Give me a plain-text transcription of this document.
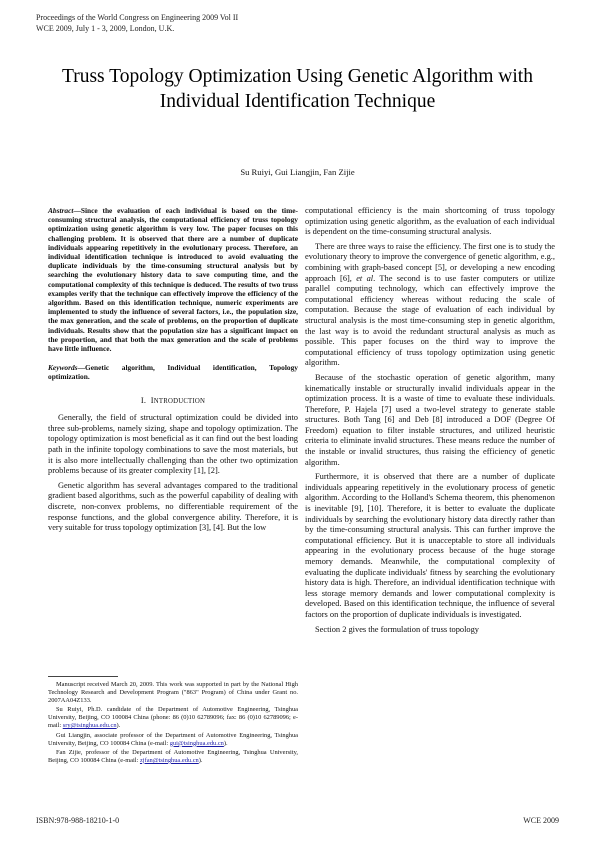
Proceedings of the World Congress on Engineering 2009 Vol II
WCE 2009, July 1 - 3, 2009, London, U.K.
Truss Topology Optimization Using Genetic Algorithm with Individual Identification Technique
Su Ruiyi, Gui Liangjin, Fan Zijie
Abstract—Since the evaluation of each individual is based on the time-consuming structural analysis, the computational efficiency of truss topology optimization using genetic algorithm is very low. The paper focuses on this challenging problem. It is observed that there are a number of duplicate individuals appearing repetitively in the evolutionary process. Therefore, an individual identification technique is introduced to avoid evaluating the duplicate individuals by the time-consuming structural analysis but by searching the evolutionary history data to save computing time, and the computational complexity of this technique is deduced. The results of two truss examples verify that the technique can effectively improve the efficiency of the algorithm. Based on this identification technique, numeric experiments are implemented to study the influence of several factors, i.e., the population size, the max generation, and the scale of problems, on the proportion of duplicate individuals. Results show that the population size has a significant impact on the proportion, and that both the max generation and the scale of problems have little influence.
Keywords—Genetic algorithm, Individual identification, Topology optimization.
I. INTRODUCTION

Generally, the field of structural optimization could be divided into three sub-problems, namely sizing, shape and topology optimization. The topology optimization is most beneficial as it can find out the best loading path in the infinite topology combinations to save the most materials, but it is also more intellectually challenging than the other two optimization problems because of its greater complexity [1], [2].

Genetic algorithm has several advantages compared to the traditional gradient based algorithms, such as the powerful capability of dealing with discrete, non-convex problems, no differentiable requirement of the response functions, and the global convergence ability. Therefore, it is very suitable for truss topology optimization [3], [4]. But the low

Manuscript received March 20, 2009. This work was supported in part by the National High Technology Research and Development Program ("863" Program) of China under Grant no. 2007AA04Z133.

Su Ruiyi, Ph.D. candidate of the Department of Automotive Engineering, Tsinghua University, Beijing, CO 100084 China (phone: 86 (0)10 62789096; fax: 86 (0)10 62789096; e-mail: sry@tsinghua.edu.cn).

Gui Liangjin, associate professor of the Department of Automotive Engineering, Tsinghua University, Beijing, CO 100084 China (e-mail: gui@tsinghua.edu.cn).

Fan Zijie, professor of the Department of Automotive Engineering, Tsinghua University, Beijing, CO 100084 China (e-mail: zjfan@tsinghua.edu.cn).

computational efficiency is the main shortcoming of truss topology optimization using genetic algorithm, as the evaluation of each individual is dependent on the time-consuming structural analysis.

There are three ways to raise the efficiency. The first one is to study the evolutionary theory to improve the convergence of genetic algorithm, e.g., combining with graph-based concept [5], or developing a new encoding approach [6], et al. The second is to use faster computers or utilize parallel computing technology, which can effectively improve the computational efficiency whereas without reducing the scale of computation. Because the stage of evaluation of each individual by structural analysis is the most time-consuming step in genetic algorithm, the last way is to avoid the redundant structural analysis as much as possible. This paper focuses on the third way to improve the computational efficiency of truss topology optimization using genetic algorithm.

Because of the stochastic operation of genetic algorithm, many kinematically instable or structurally invalid individuals appear in the optimization process. It is a waste of time to evaluate these individuals. Therefore, P. Hajela [7] used a two-level strategy to generate stable structures. Both Tang [6] and Deb [8] introduced a DOF (Degree Of Freedom) equation to filter instable structures, and utilized heuristic criteria to eliminate invalid structures. These means reduce the number of the instable or invalid structures, thus raising the efficiency of genetic algorithm.

Furthermore, it is observed that there are a number of duplicate individuals appearing repetitively in the evolutionary process of genetic algorithm. According to the Holland's Schema theorem, this phenomenon is inevitable [9], [10]. Therefore, it is better to evaluate the duplicate individuals by searching the evolutionary history data directly rather than by the time-consuming structural analysis. This can further improve the computational efficiency. But it is unacceptable to store all individuals appearing in the evolutionary process because of the huge storage memory demands. Meanwhile, the computational complexity of evaluating the duplicate individuals' fitness by searching the evolutionary history data is high. Therefore, an individual identification technique with less storage memory demands and lower computational complexity is developed. Based on this identification technique, the influence of several factors on the proportion of duplicate individuals is investigated.

Section 2 gives the formulation of truss topology

ISBN:978-988-18210-1-0	WCE 2009
